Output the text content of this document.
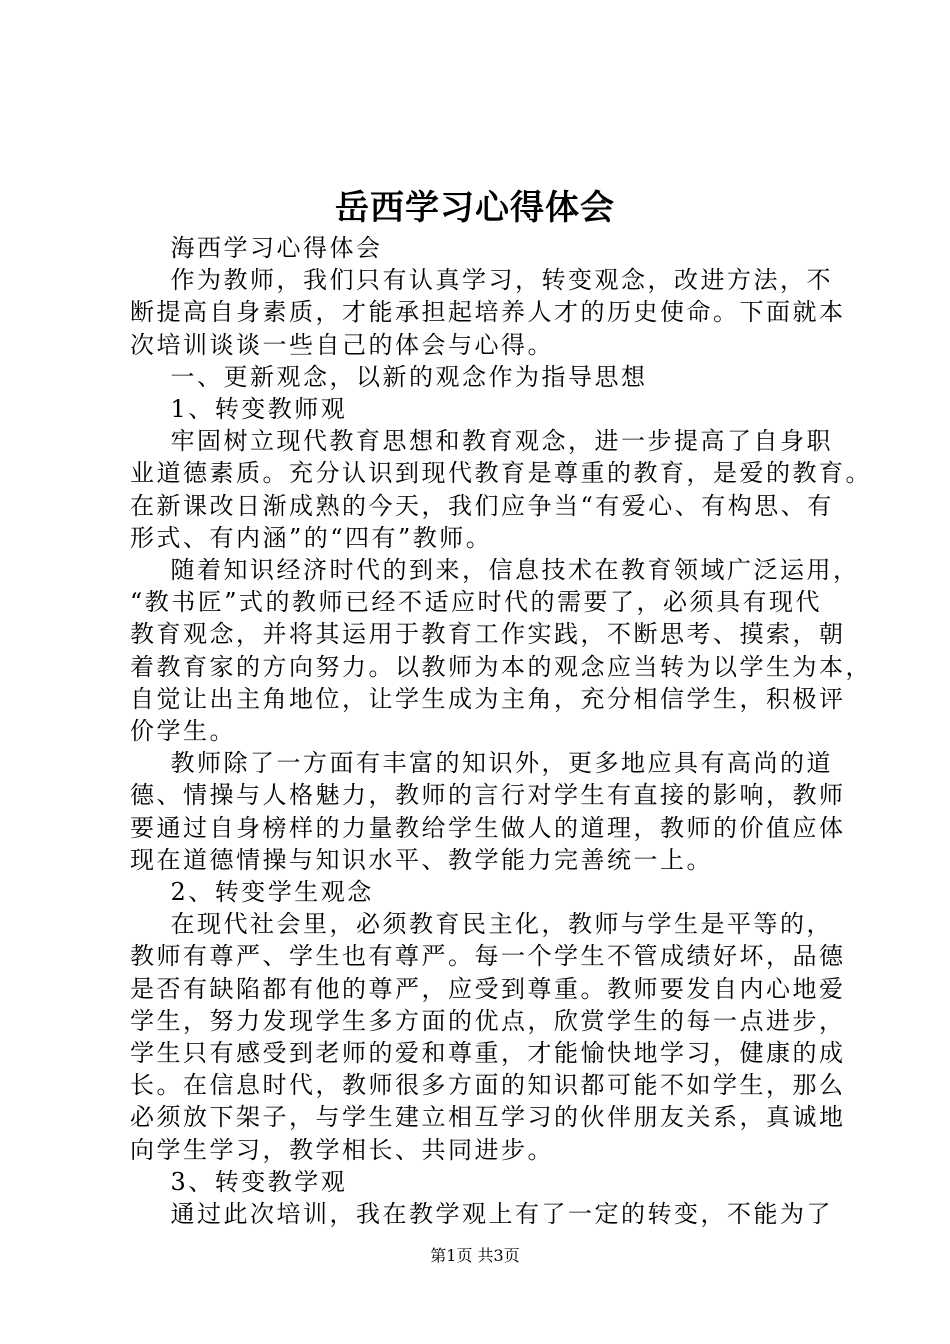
岳西学习心得体会
海西学习心得体会
作为教师，我们只有认真学习，转变观念，改进方法，不
断提高自身素质，才能承担起培养人才的历史使命。下面就本
次培训谈谈一些自己的体会与心得。
一、更新观念，以新的观念作为指导思想
1、转变教师观
牢固树立现代教育思想和教育观念，进一步提高了自身职
业道德素质。充分认识到现代教育是尊重的教育，是爱的教育。
在新课改日渐成熟的今天，我们应争当“有爱心、有构思、有
形式、有内涵”的“四有”教师。
随着知识经济时代的到来，信息技术在教育领域广泛运用，
“教书匠”式的教师已经不适应时代的需要了，必须具有现代
教育观念，并将其运用于教育工作实践，不断思考、摸索，朝
着教育家的方向努力。以教师为本的观念应当转为以学生为本，
自觉让出主角地位，让学生成为主角，充分相信学生，积极评
价学生。
教师除了一方面有丰富的知识外，更多地应具有高尚的道
德、情操与人格魅力，教师的言行对学生有直接的影响，教师
要通过自身榜样的力量教给学生做人的道理，教师的价值应体
现在道德情操与知识水平、教学能力完善统一上。
2、转变学生观念
在现代社会里，必须教育民主化，教师与学生是平等的，
教师有尊严、学生也有尊严。每一个学生不管成绩好坏，品德
是否有缺陷都有他的尊严，应受到尊重。教师要发自内心地爱
学生，努力发现学生多方面的优点，欣赏学生的每一点进步，
学生只有感受到老师的爱和尊重，才能愉快地学习，健康的成
长。在信息时代，教师很多方面的知识都可能不如学生，那么
必须放下架子，与学生建立相互学习的伙伴朋友关系，真诚地
向学生学习，教学相长、共同进步。
3、转变教学观
通过此次培训，我在教学观上有了一定的转变，不能为了
第1页 共3页
